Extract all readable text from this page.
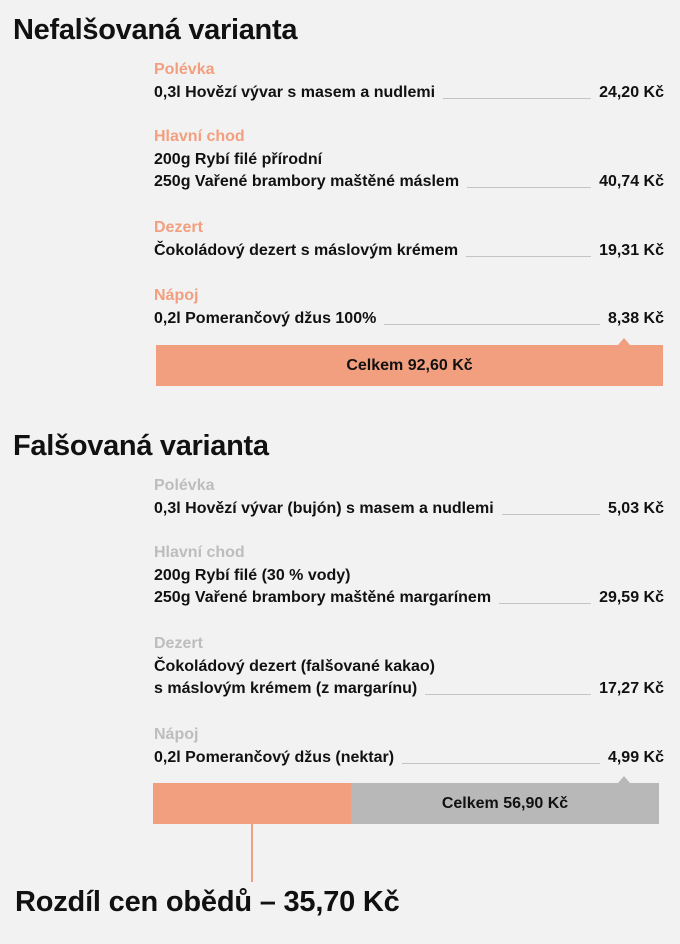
Nefalšovaná varianta
Polévka
0,3l Hovězí vývar s masem a nudlemi	24,20 Kč
Hlavní chod
200g Rybí filé přírodní
250g Vařené brambory maštěné máslem	40,74 Kč
Dezert
Čokoládový dezert s máslovým krémem	19,31 Kč
Nápoj
0,2l Pomerančový džus 100%	8,38 Kč
Celkem 92,60 Kč
Falšovaná varianta
Polévka
0,3l Hovězí vývar (bujón) s masem a nudlemi	5,03 Kč
Hlavní chod
200g Rybí filé (30 % vody)
250g Vařené brambory maštěné margarínem	29,59 Kč
Dezert
Čokoládový dezert (falšované kakao)
s máslovým krémem (z margarínu)	17,27 Kč
Nápoj
0,2l Pomerančový džus (nektar)	4,99 Kč
Celkem 56,90 Kč
Rozdíl cen obědů – 35,70 Kč
